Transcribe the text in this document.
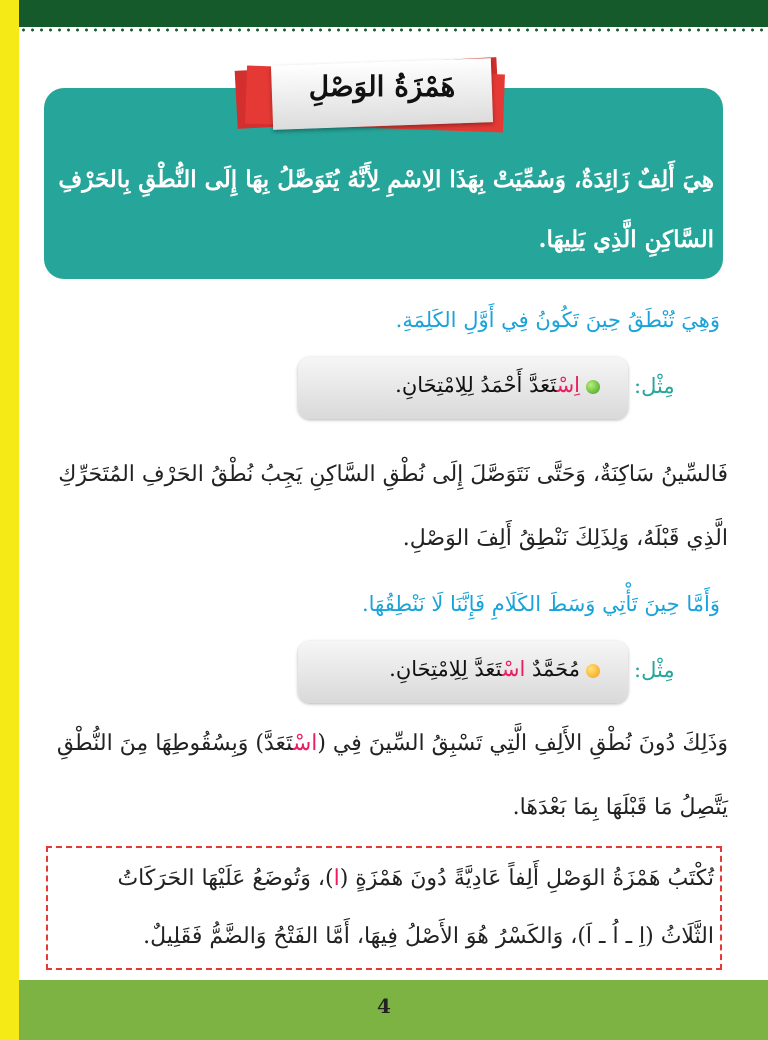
هِيَ أَلِفٌ زَائِدَةٌ، وَسُمِّيَتْ بِهَذَا الِاسْمِ لِأَنَّهُ يُتَوَصَّلُ بِهَا إِلَى النُّطْقِ بِالحَرْفِ السَّاكِنِ الَّذِي يَلِيهَا.
هَمْزَةُ الوَصْلِ
وَهِيَ تُنْطَقُ حِينَ تَكُونُ فِي أَوَّلِ الكَلِمَةِ.
مِثْل:
اِسْتَعَدَّ أَحْمَدُ لِلِامْتِحَانِ.
فَالسِّينُ سَاكِنَةٌ، وَحَتَّى نَتَوَصَّلَ إِلَى نُطْقِ السَّاكِنِ يَجِبُ نُطْقُ الحَرْفِ المُتَحَرِّكِ الَّذِي قَبْلَهُ، وَلِذَلِكَ نَنْطِقُ أَلِفَ الوَصْلِ.
وَأَمَّا حِينَ تَأْتِي وَسَطَ الكَلَامِ فَإِنَّنَا لَا نَنْطِقُهَا.
مِثْل:
مُحَمَّدٌ اسْتَعَدَّ لِلِامْتِحَانِ.
وَذَلِكَ دُونَ نُطْقِ الأَلِفِ الَّتِي تَسْبِقُ السِّينَ فِي (اسْتَعَدَّ) وَبِسُقُوطِهَا مِنَ النُّطْقِ يَتَّصِلُ مَا قَبْلَهَا بِمَا بَعْدَهَا.
تُكْتَبُ هَمْزَةُ الوَصْلِ أَلِفاً عَادِيَّةً دُونَ هَمْزَةٍ (ا)، وَتُوضَعُ عَلَيْهَا الحَرَكَاتُ الثَّلَاثُ (اِ ـ اُ ـ اَ)، وَالكَسْرُ هُوَ الأَصْلُ فِيهَا، أَمَّا الفَتْحُ وَالضَّمُّ فَقَلِيلٌ.
4
